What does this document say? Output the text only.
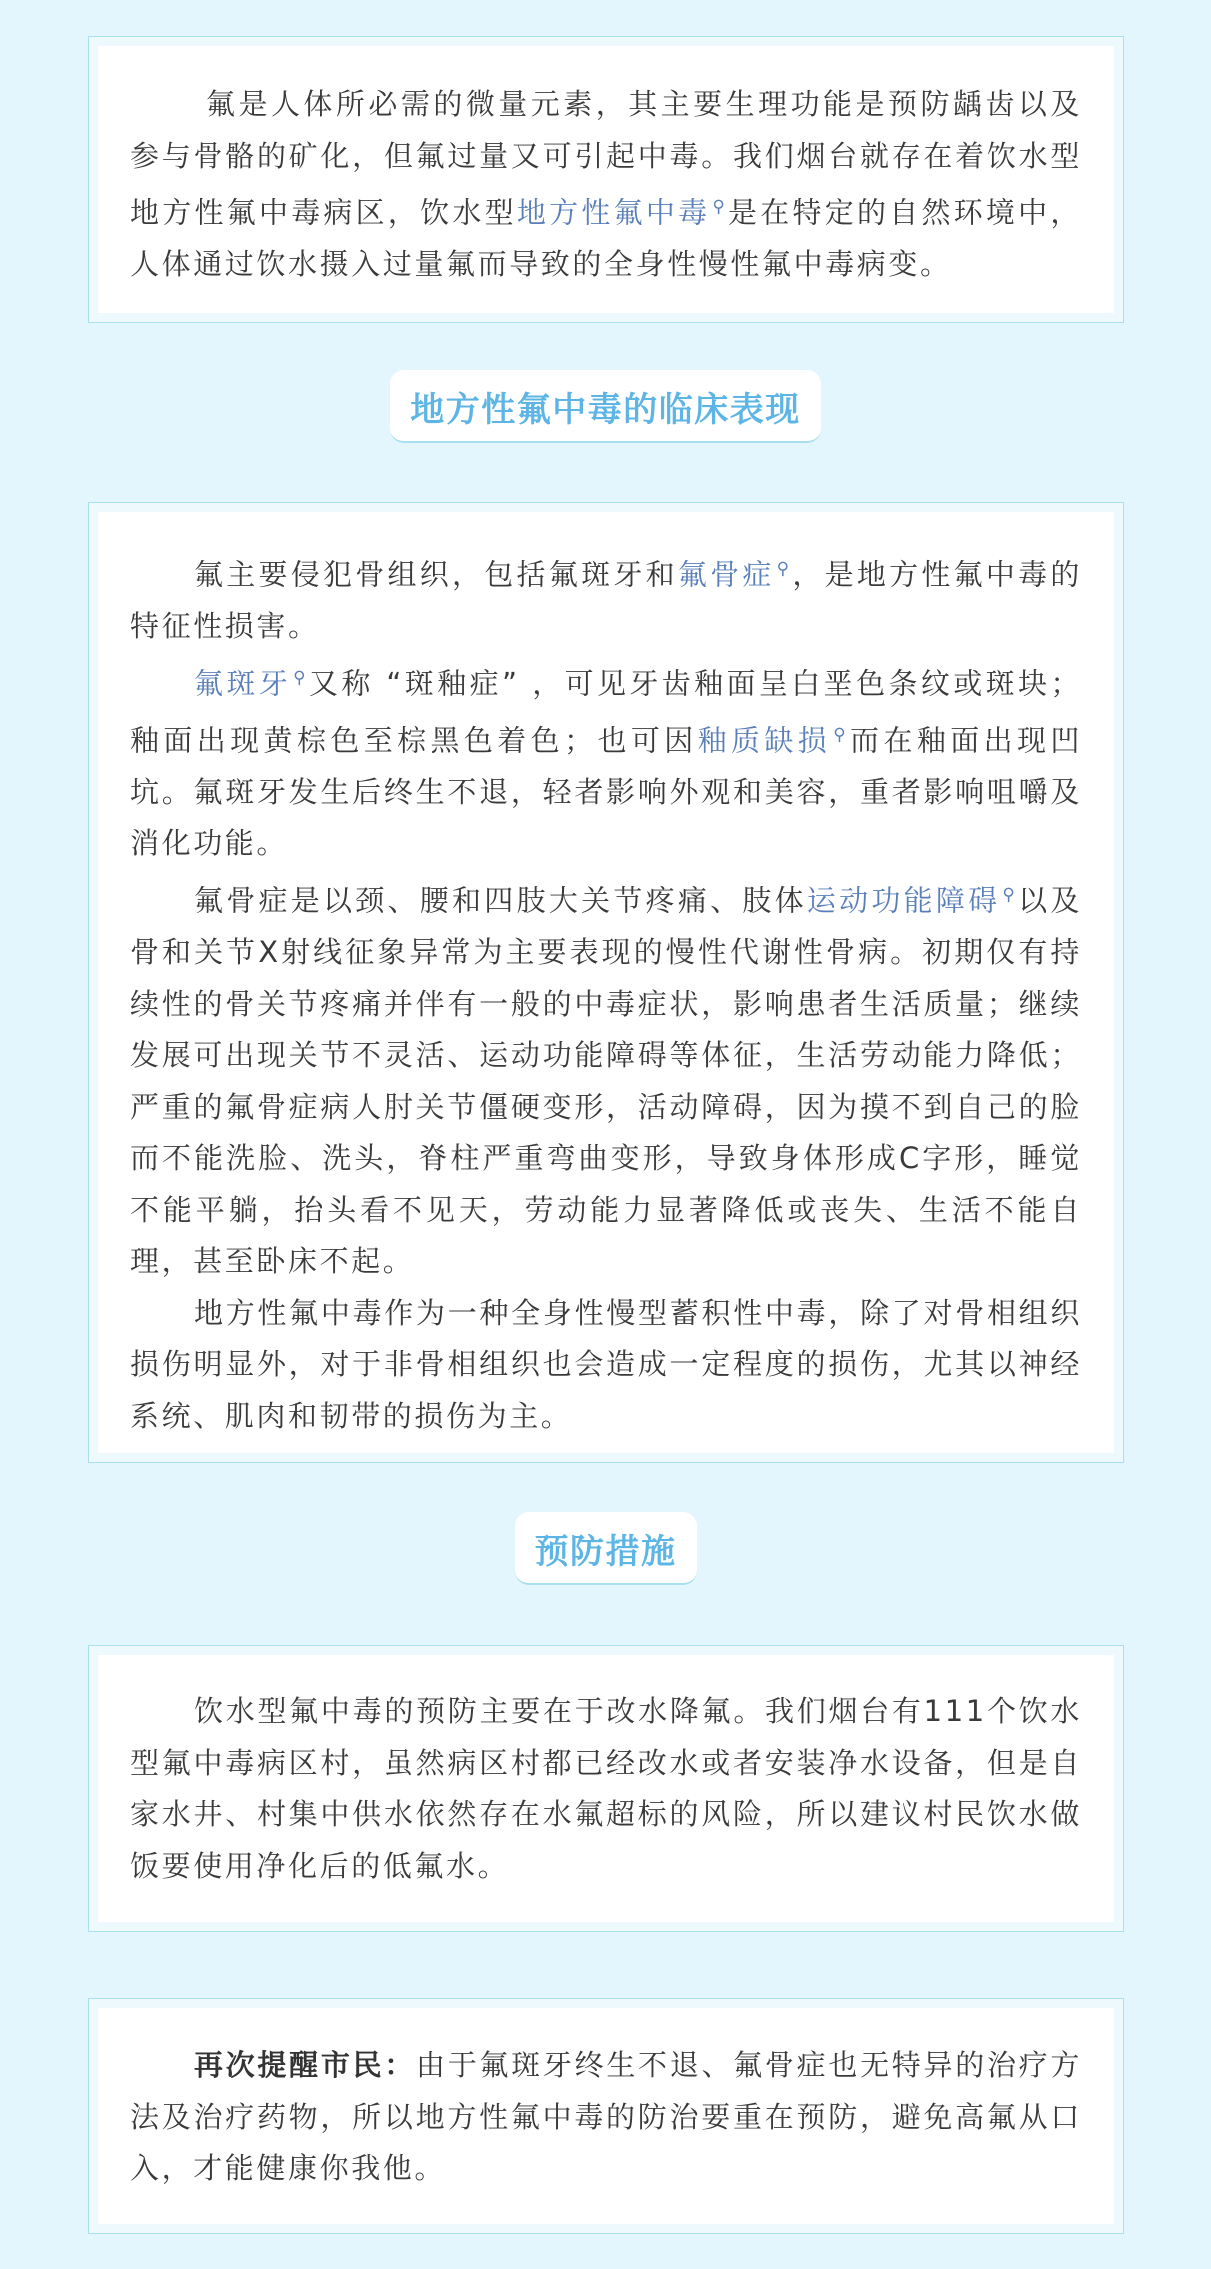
氟是人体所必需的微量元素，其主要生理功能是预防龋齿以及参与骨骼的矿化，但氟过量又可引起中毒。我们烟台就存在着饮水型地方性氟中毒病区，饮水型地方性氟中毒 ⚲是在特定的自然环境中，人体通过饮水摄入过量氟而导致的全身性慢性氟中毒病变。

地方性氟中毒的临床表现

氟主要侵犯骨组织，包括氟斑牙和氟骨症 ⚲，是地方性氟中毒的特征性损害。

氟斑牙 ⚲又称 “斑釉症” ，可见牙齿釉面呈白垩色条纹或斑块；釉面出现黄棕色至棕黑色着色；也可因釉质缺损 ⚲而在釉面出现凹坑。氟斑牙发生后终生不退，轻者影响外观和美容，重者影响咀嚼及消化功能。

氟骨症是以颈、腰和四肢大关节疼痛、肢体运动功能障碍 ⚲以及骨和关节X射线征象异常为主要表现的慢性代谢性骨病。初期仅有持续性的骨关节疼痛并伴有一般的中毒症状，影响患者生活质量；继续发展可出现关节不灵活、运动功能障碍等体征，生活劳动能力降低；严重的氟骨症病人肘关节僵硬变形，活动障碍，因为摸不到自己的脸而不能洗脸、洗头，脊柱严重弯曲变形，导致身体形成C字形，睡觉不能平躺，抬头看不见天，劳动能力显著降低或丧失、生活不能自理，甚至卧床不起。

地方性氟中毒作为一种全身性慢型蓄积性中毒，除了对骨相组织损伤明显外，对于非骨相组织也会造成一定程度的损伤，尤其以神经系统、肌肉和韧带的损伤为主。

预防措施

饮水型氟中毒的预防主要在于改水降氟。我们烟台有111个饮水型氟中毒病区村，虽然病区村都已经改水或者安装净水设备，但是自家水井、村集中供水依然存在水氟超标的风险，所以建议村民饮水做饭要使用净化后的低氟水。

再次提醒市民：由于氟斑牙终生不退、氟骨症也无特异的治疗方法及治疗药物，所以地方性氟中毒的防治要重在预防，避免高氟从口入，才能健康你我他。
